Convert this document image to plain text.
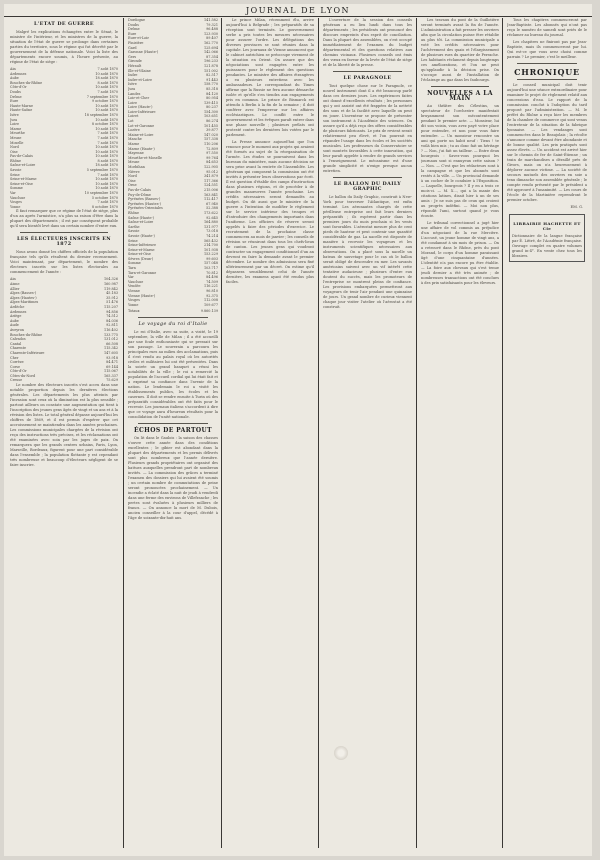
JOURNAL DE LYON
L'ETAT DE GUERRE

Malgré les explications échangées entre le Sénat, le ministre de l'intérieur, et les ministres de la guerre, la situation de l'état de guerre se prolonge dans certaines parties du territoire, sous le régime qui fut décrété par le gouvernement de la défense nationale. Voici la liste des départements encore soumis, à l'heure présente, au régime de l'état de siège :

Ain	7 août 1870
Ardennes	10 août 1870
Aube	18 août 1870
Bouches-du-Rhône	8 août 1870
Côte-d'Or	10 août 1870
Doubs	7 août 1870
Drôme	7 septembre 1870
Eure	9 octobre 1870
Haute-Marne	10 août 1870
Haute-Saône	10 août 1870
Isère	18 septembre 1870
Jura	10 août 1870
Loire	8 octobre 1870
Marne	10 août 1870
Meurthe	7 août 1870
Meuse	7 août 1870
Moselle	7 août 1870
Nord	10 août 1870
Oise	10 août 1870
Pas-de-Calais	10 août 1870
Rhône	8 août 1870
Saône-et-Loire	18 août 1870
Savoie	5 septembre 1870
Seine	7 août 1870
Seine-et-Marne	10 août 1870
Seine-et-Oise	10 août 1870
Somme	10 août 1870
Var	10 septembre 1870
Vaucluse	5 octobre 1870
Vosges	7 août 1870
Yonne	8 octobre 1870

Il faut remarquer que ce régime de l'état de siège, plus d'un an après l'armistice, n'a plus sa raison d'être dans la plupart des départements ; il est par conséquent probable qu'il sera bientôt levé dans un certain nombre d'entre eux.

LES ÉLECTEURS INSCRITS EN 1872

Nous avons donné les chiffres officiels de la population française tels qu'ils résultent du dernier recensement. Voici maintenant, par département, le nombre des électeurs inscrits sur les listes électorales au commencement de l'année :

Ain	104.326
Aisne	160.987
Allier	119.842
Alpes (Basses-)	45.183
Alpes (Hautes-)	35.912
Alpes-Maritimes	51.476
Ardèche	115.207
Ardennes	94.856
Ariège	74.512
Aube	84.036
Aude	92.811
Aveyron	116.402
Bouches-du-Rhône	133.775
Calvados	131.012
Cantal	66.508
Charente	115.342
Charente-Inférieure	147.605
Cher	93.918
Corrèze	84.471
Corse	69.144
Côte-d'Or	115.067
Côtes-du-Nord	165.337
Creuse	75.629

Le nombre des électeurs inscrits s'est accru dans une notable proportion depuis les dernières élections générales. Les départements les plus atteints par l'invasion sont ceux où la diminution est la plus sensible ; partout ailleurs on constate une augmentation qui tient à l'inscription des jeunes gens âgés de vingt et un ans et à la révision des listes. Le total général dépasse aujourd'hui les chiffres de 1869, et il est permis d'espérer que cet accroissement se maintiendra dans les années prochaines. Les commissions municipales chargées de la révision ont reçu des instructions très précises, et les réclamations ont été examinées avec soin par les juges de paix. On remarquera que les grands centres urbains, Paris, Lyon, Marseille, Bordeaux, figurent pour une part considérable dans l'ensemble ; la population flottante y est cependant très nombreuse et beaucoup d'électeurs négligent de se faire inscrire.

Dordogne	141.582
Doubs	79.321
Drôme	96.488
Eure	123.930
Eure-et-Loir	89.407
Finistère	162.770
Gard	125.694
Garonne (Haute-)	142.066
Gers	87.354
Gironde	196.233
Hérault	121.878
Ille-et-Vilaine	151.002
Indre	82.517
Indre-et-Loire	91.443
Isère	158.770
Jura	85.318
Landes	84.120
Loir-et-Cher	80.954
Loire	139.415
Loire (Haute-)	80.237
Loire-Inférieure	154.300
Loiret	103.651
Lot	86.274
Lot-et-Garonne	101.455
Lozère	39.877
Maine-et-Loire	147.020
Manche	157.338
Marne	110.206
Marne (Haute-)	72.809
Mayenne	97.550
Meurthe-et-Moselle	99.764
Meuse	84.653
Morbihan	122.905
Nièvre	95.012
Nord	341.879
Oise	117.366
Orne	124.551
Pas-de-Calais	215.006
Puy-de-Dôme	163.841
Pyrénées (Basses-)	112.417
Pyrénées (Hautes-)	67.940
Pyrénées-Orientales	52.388
Rhône	173.622
Saône (Haute-)	92.645
Saône-et-Loire	164.880
Sarthe	131.977
Savoie	73.018
Savoie (Haute-)	74.214
Seine	565.432
Seine-Inférieure	214.700
Seine-et-Marne	101.938
Seine-et-Oise	153.229
Sèvres (Deux-)	99.603
Somme	157.048
Tarn	103.717
Tarn-et-Garonne	70.812
Var	84.496
Vaucluse	74.509
Vendée	116.221
Vienne	96.810
Vienne (Haute-)	92.375
Vosges	112.008
Yonne	109.677
Totaux	9.860.139
Le voyage du roi d'Italie

Le roi d'Italie, avec sa suite, a visité, le 19 septembre, la ville de Milan ; il a été accueilli par une foule enthousiaste qui se pressait sur son passage. Le souverain a parcouru les principales rues au milieu des acclamations, puis il s'est rendu au palais royal où les autorités civiles et militaires lui ont été présentées. Dans la soirée un grand banquet a réuni les notabilités de la ville ; le roi a remercié la population de l'accueil cordial qui lui était fait et a exprimé sa confiance dans l'avenir de la nation. Le lendemain le roi a visité les établissements publics, les écoles et les casernes. Il doit se rendre ensuite à Turin où des préparatifs considérables ont été faits pour le recevoir. Les journaux italiens s'accordent à dire que ce voyage aura d'heureux résultats pour la consolidation de l'unité nationale.

ÉCHOS DE PARTOUT

On lit dans le Gaulois : la saison des chasses s'ouvre cette année dans des conditions excellentes ; le gibier est abondant dans la plupart des départements et les permis délivrés sont plus nombreux que l'année dernière. Plusieurs grands propriétaires ont organisé des battues auxquelles prendront part de nombreux invités. — La commission des grâces a terminé l'examen des dossiers qui lui avaient été soumis ; un certain nombre de commutations de peine seront prononcées prochainement. — Un incendie a éclaté dans la nuit de jeudi à vendredi dans une ferme des environs de Villefranche ; les pertes sont évaluées à plusieurs milliers de francs. — On annonce la mort de M. Dubois, ancien conseiller à la cour d'appel, décédé à l'âge de soixante-dix-huit ans.

Le prince Milan, récemment élu, arrive aujourd'hui à Belgrade ; les préparatifs de sa réception sont terminés. Le gouvernement serbe a pris toutes les mesures nécessaires pour assurer l'ordre. Les délégations des diverses provinces se sont réunies dans la capitale. Les journaux de Vienne annoncent que le cabinet autrichien se préoccupe vivement de la situation en Orient. On assure que des négociations sont engagées entre les puissances pour le règlement des questions pendantes. Le ministre des affaires étrangères a eu plusieurs entretiens avec les ambassadeurs. Le correspondant du Times affirme que la Russie ne fera aucune démarche isolée et qu'elle s'en tiendra aux engagements pris en commun. Le prince de Bismarck est attendu à Berlin à la fin de la semaine ; il doit conférer avec l'empereur sur les affaires ecclésiastiques. Le conflit entre le gouvernement et les évêques paraît entrer dans une phase nouvelle ; plusieurs prélats ont protesté contre les dernières lois votées par le parlement.

La Presse annonce aujourd'hui que l'on renonce pour le moment aux projets qui avaient été formés au sujet de la réorganisation de l'armée. Les études se poursuivent dans les bureaux du ministère, mais aucune décision ne sera prise avant la rentrée de l'Assemblée. Les généraux qui composent la commission ont été invités à présenter leurs observations par écrit. Il est question d'établir des camps d'instruction dans plusieurs régions, et de procéder à de grandes manœuvres l'année prochaine. Les crédits nécessaires seront demandés au budget. On dit aussi que le ministre de la guerre a l'intention de modifier le règlement sur le service intérieur des troupes et d'introduire des changements importants dans l'uniforme. Les officiers de réserve seront appelés à faire des périodes d'exercice. Le recrutement de la prochaine classe commencera au mois de janvier ; les conseils de révision se réuniront dans tous les chefs-lieux de canton. Les jeunes gens qui voudront contracter un engagement conditionnel d'un an devront en faire la demande avant le premier décembre. Le nombre des admissions sera fixé ultérieurement par un décret. On estime qu'il dépassera sensiblement celui de l'année dernière, les examens ayant été rendus plus faciles.

L'ouverture de la session des conseils généraux a eu lieu lundi dans tous les départements ; les présidents ont prononcé des discours empreints d'un esprit de conciliation. Dans la plupart des assemblées, on s'est occupé immédiatement de l'examen du budget départemental et des questions relatives aux chemins vicinaux. Plusieurs conseils ont émis des vœux en faveur de la levée de l'état de siège et de la liberté de la presse.

LE PARAGNOLE

Tout quelque chose sur le Paragnole, ce nouvel instrument dont il a été beaucoup parlé dans ces derniers jours. Les expériences faites ont donné d'excellents résultats ; les personnes qui y ont assisté ont été frappées de la netteté des sons et de la facilité avec laquelle on peut en jouer. L'inventeur se propose de présenter son instrument à l'Académie des sciences. On assure qu'il a déjà reçu des offres considérables de plusieurs fabricants. Le prix de revient serait relativement peu élevé, et l'on pourrait en répandre l'usage dans les écoles et les sociétés musicales. Les professeurs du Conservatoire se sont montrés favorables à cette innovation, qui leur paraît appelée à rendre de grands services à l'enseignement. Le mécanisme est d'une grande simplicité et n'exige presque aucun entretien.

LE BALLON DU DAILY GRAPHIC

Le ballon du Daily Graphic, construit à New-York pour traverser l'Atlantique, est enfin terminé. Les aéronautes chargés de cette périlleuse entreprise ont fait leurs derniers préparatifs ; ils espèrent partir dans les premiers jours du mois prochain si les vents sont favorables. L'aérostat mesure plus de cent pieds de hauteur et peut contenir une quantité considérable de gaz. La nacelle est disposée de manière à recevoir les voyageurs et les instruments scientifiques nécessaires aux observations. On a placé sous la nacelle un bateau de sauvetage pour le cas où le ballon serait obligé de descendre en mer. Les savants américains suivent avec un vif intérêt cette tentative audacieuse ; plusieurs d'entre eux doutent du succès, mais les promoteurs de l'entreprise se montrent pleins de confiance. Les provisions embarquées permettront aux voyageurs de tenir l'air pendant une quinzaine de jours. Un grand nombre de curieux viennent chaque jour visiter l'atelier où l'aérostat a été construit.

Les travaux du pont de la Guillotière seront terminés avant la fin de l'année. L'administration a fait presser les ouvriers afin que la circulation puisse être rétablie au plus tôt. La commission municipale a voté les crédits nécessaires pour l'achèvement des quais et l'élargissement de plusieurs rues du quartier de Perrache. Les habitants réclament depuis longtemps ces améliorations, et l'on ne peut qu'applaudir à la décision prise. On s'occupe aussi de l'installation de l'éclairage au gaz dans les faubourgs.

NOUVELLES A LA MAIN

Au théâtre des Célestins, un spectateur de l'orchestre manifestait bruyamment son mécontentement pendant le premier acte. — Monsieur, lui dit son voisin, vous avez payé votre place pour entendre, et non pour vous faire entendre. — Un monsieur rencontre un ami qui porte un habit neuf : Tiens ! te voilà bien mis ; tu as donc fait un héritage ? — Non, j'ai fait un tailleur. — Entre deux bourgeois : Savez-vous pourquoi les journaux sont si ennuyeux cette saison ? — Non. — C'est que les rédacteurs sont à la campagne et que les abonnés sont restés à la ville. — Un provincial demande à un cocher de le conduire à l'Exposition. — Laquelle, bourgeois ? Il y en a trois ce mois-ci. — M. X..., qui a la manie des citations latines, disait hier à un de ses amis : Je ne suis pas de ceux qui croient au progrès indéfini. — Moi non plus, répondit l'ami, surtout quand je vous écoute.

Le tribunal correctionnel a jugé hier une affaire de vol commis au préjudice d'un négociant de la rue Mercière. L'accusé, un jeune homme de vingt ans, a été condamné à six mois de prison. — On a retrouvé dans le Rhône, près du pont Morand, le corps d'un homme paraissant âgé d'une cinquantaine d'années. L'identité n'a pas encore pu être établie. — La foire aux chevaux qui s'est tenue jeudi dernier a été très animée ; de nombreuses transactions ont été conclues à des prix satisfaisants pour les éleveurs.

Tous les chapitres commenceront par Jean-Baptiste. Les abonnés qui n'ont pas reçu le numéro de samedi sont priés de le réclamer au bureau du journal.

Les chapitres ne finiront pas par Jean-Baptiste, mais ils commenceront par lui. Qui est-ce que vous avez choisi comme parrain ? Le premier, c'est le meilleur.

CHRONIQUE

Le conseil municipal doit tenir aujourd'hui une séance extraordinaire pour examiner le projet de règlement relatif aux concessions d'eau. Le rapport de la commission conclut à l'adoption du tarif proposé par l'administration. — M. le préfet du Rhône a reçu hier les membres de la chambre de commerce qui sont venus l'entretenir de la situation de la fabrique lyonnaise. — Les vendanges sont commencées dans le Beaujolais ; la récolte s'annonce comme devant être abondante et de bonne qualité. Les prix pratiqués sont assez élevés. — Un accident est arrivé hier sur le chemin de fer de Saint-Étienne ; un train de marchandises a déraillé près de Givors, mais on n'a heureusement à déplorer aucune victime. — La société de secours mutuels des ouvriers en soie a tenu dimanche son assemblée générale ; le compte rendu présenté par le président a été approuvé à l'unanimité. — Les cours de l'école de la Martinière reprendront le premier octobre.

EM. G.
LIBRAIRIE HACHETTE ET Cie
Dictionnaire de la langue française par É. Littré, de l'Académie française. Ouvrage complet en quatre volumes grand in-4°. En vente chez tous les libraires.
